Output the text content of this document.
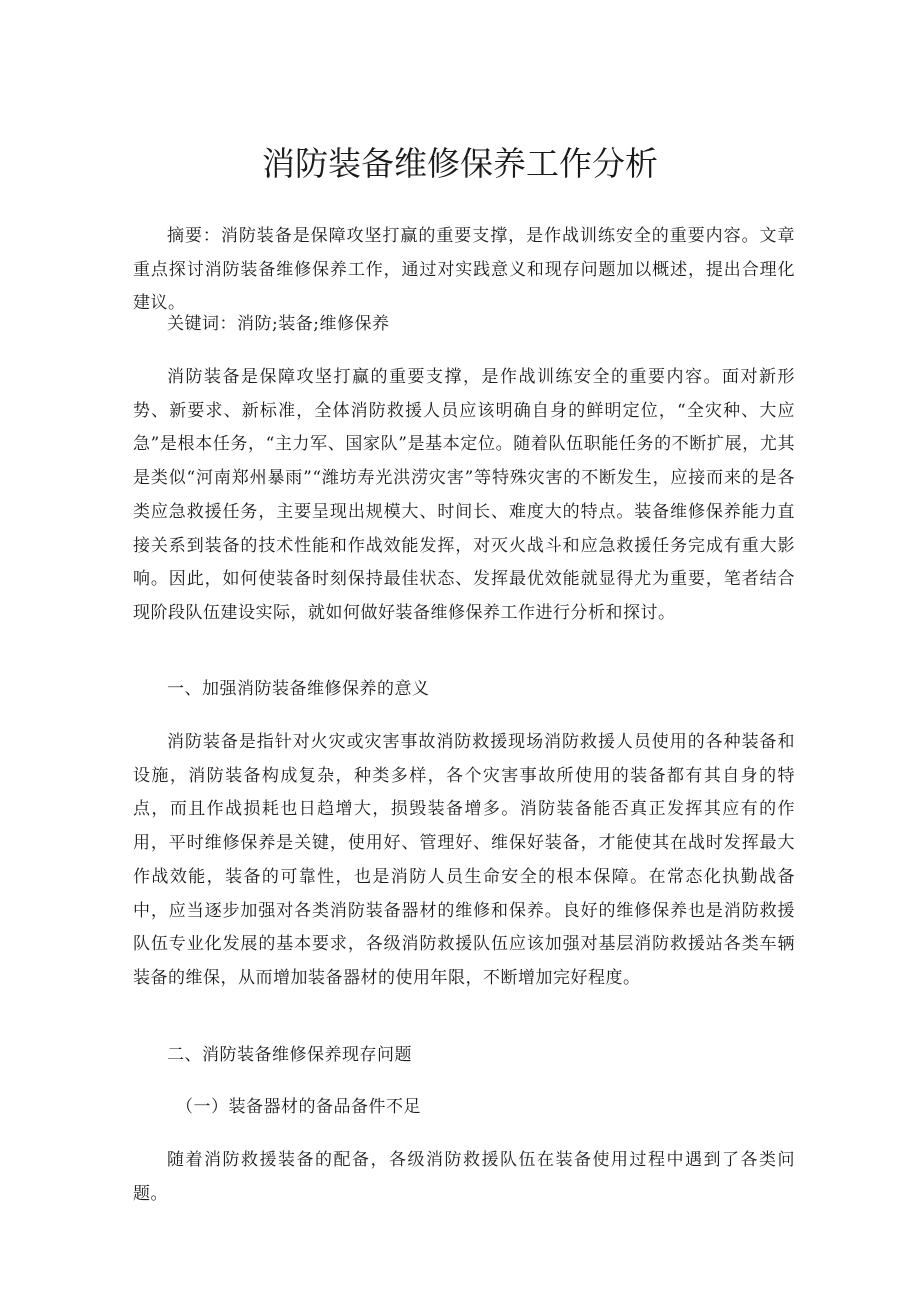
消防装备维修保养工作分析

摘要：消防装备是保障攻坚打赢的重要支撑，是作战训练安全的重要内容。文章重点探讨消防装备维修保养工作，通过对实践意义和现存问题加以概述，提出合理化建议。

关键词：消防;装备;维修保养

消防装备是保障攻坚打赢的重要支撑，是作战训练安全的重要内容。面对新形势、新要求、新标准，全体消防救援人员应该明确自身的鲜明定位，“全灾种、大应急”是根本任务，“主力军、国家队”是基本定位。随着队伍职能任务的不断扩展，尤其是类似“河南郑州暴雨”“潍坊寿光洪涝灾害”等特殊灾害的不断发生，应接而来的是各类应急救援任务，主要呈现出规模大、时间长、难度大的特点。装备维修保养能力直接关系到装备的技术性能和作战效能发挥，对灭火战斗和应急救援任务完成有重大影响。因此，如何使装备时刻保持最佳状态、发挥最优效能就显得尤为重要，笔者结合现阶段队伍建设实际，就如何做好装备维修保养工作进行分析和探讨。

一、加强消防装备维修保养的意义

消防装备是指针对火灾或灾害事故消防救援现场消防救援人员使用的各种装备和设施，消防装备构成复杂，种类多样，各个灾害事故所使用的装备都有其自身的特点，而且作战损耗也日趋增大，损毁装备增多。消防装备能否真正发挥其应有的作用，平时维修保养是关键，使用好、管理好、维保好装备，才能使其在战时发挥最大作战效能，装备的可靠性，也是消防人员生命安全的根本保障。在常态化执勤战备中，应当逐步加强对各类消防装备器材的维修和保养。良好的维修保养也是消防救援队伍专业化发展的基本要求，各级消防救援队伍应该加强对基层消防救援站各类车辆装备的维保，从而增加装备器材的使用年限，不断增加完好程度。

二、消防装备维修保养现存问题

（一）装备器材的备品备件不足

随着消防救援装备的配备，各级消防救援队伍在装备使用过程中遇到了各类问题。
